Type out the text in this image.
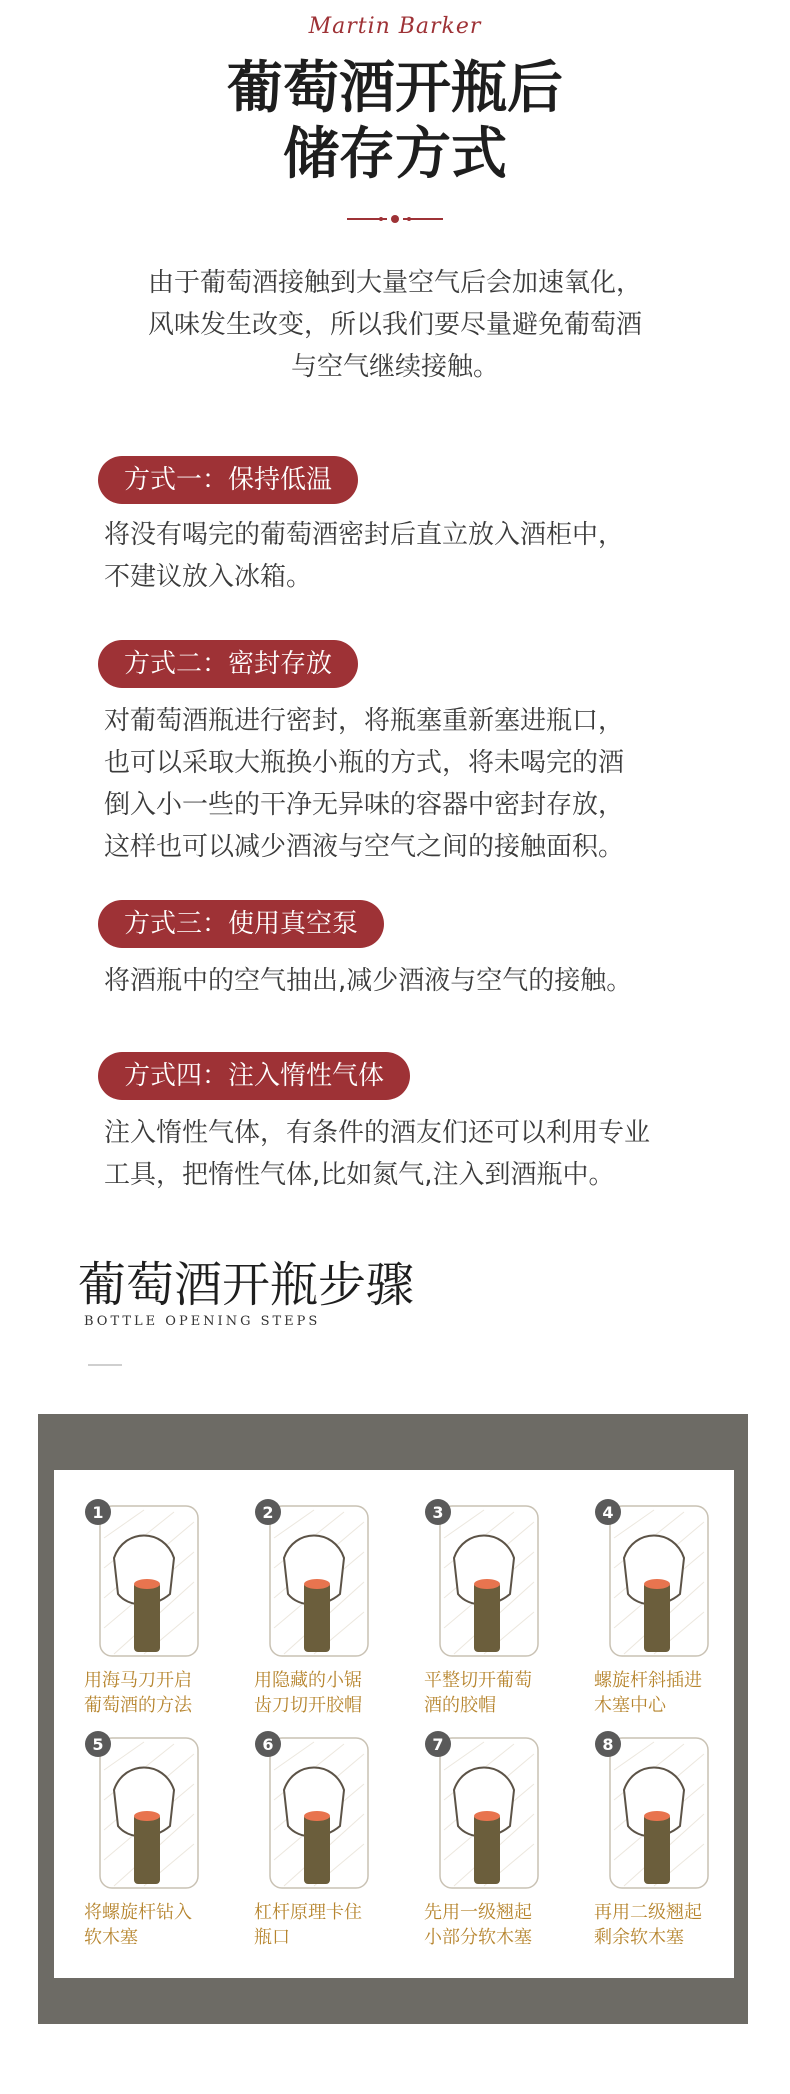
Martin Barker
葡萄酒开瓶后
储存方式
由于葡萄酒接触到大量空气后会加速氧化，
风味发生改变，所以我们要尽量避免葡萄酒
与空气继续接触。
方式一：保持低温
将没有喝完的葡萄酒密封后直立放入酒柜中，
不建议放入冰箱。
方式二：密封存放
对葡萄酒瓶进行密封，将瓶塞重新塞进瓶口，
也可以采取大瓶换小瓶的方式，将未喝完的酒
倒入小一些的干净无异味的容器中密封存放，
这样也可以减少酒液与空气之间的接触面积。
方式三：使用真空泵
将酒瓶中的空气抽出,减少酒液与空气的接触。
方式四：注入惰性气体
注入惰性气体，有条件的酒友们还可以利用专业
工具，把惰性气体,比如氮气,注入到酒瓶中。
葡萄酒开瓶步骤
BOTTLE OPENING STEPS
1
用海马刀开启
葡萄酒的方法
2
用隐藏的小锯
齿刀切开胶帽
3
平整切开葡萄
酒的胶帽
4
螺旋杆斜插进
木塞中心
5
将螺旋杆钻入
软木塞
6
杠杆原理卡住
瓶口
7
先用一级翘起
小部分软木塞
8
再用二级翘起
剩余软木塞
